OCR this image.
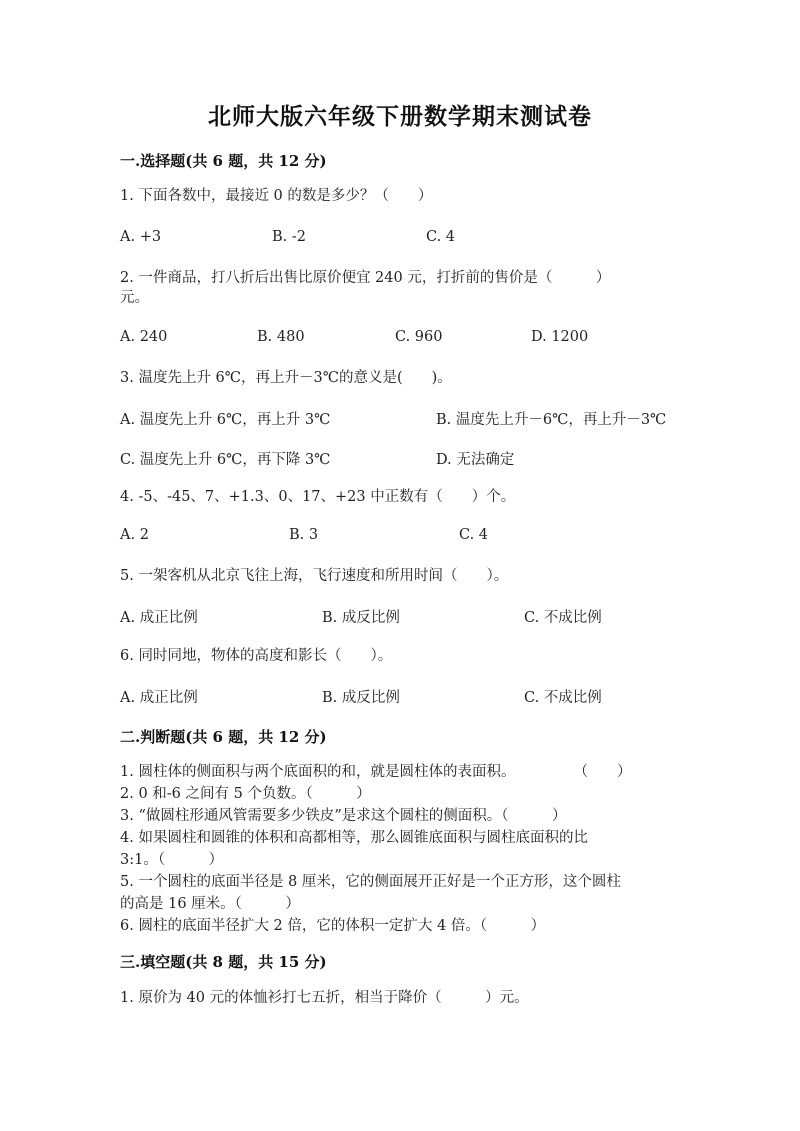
北师大版六年级下册数学期末测试卷
一.选择题(共 6 题，共 12 分)
1. 下面各数中，最接近 0 的数是多少？（　　）
A. +3	B. -2	C. 4
2. 一件商品，打八折后出售比原价便宜 240 元，打折前的售价是（　　　）
元。
A. 240	B. 480	C. 960	D. 1200
3. 温度先上升 6℃，再上升－3℃的意义是(　　)。
A. 温度先上升 6℃，再上升 3℃	B. 温度先上升－6℃，再上升－3℃
C. 温度先上升 6℃，再下降 3℃	D. 无法确定
4. -5、-45、7、+1.3、0、17、+23 中正数有（　　）个。
A. 2	B. 3	C. 4
5. 一架客机从北京飞往上海，飞行速度和所用时间（　　）。
A. 成正比例	B. 成反比例	C. 不成比例
6. 同时同地，物体的高度和影长（　　）。
A. 成正比例	B. 成反比例	C. 不成比例
二.判断题(共 6 题，共 12 分)
1. 圆柱体的侧面积与两个底面积的和，就是圆柱体的表面积。　　　　　（　　）
2. 0 和-6 之间有 5 个负数。（　　　）
3. “做圆柱形通风管需要多少铁皮”是求这个圆柱的侧面积。（　　　）
4. 如果圆柱和圆锥的体积和高都相等，那么圆锥底面积与圆柱底面积的比
3:1。（　　　）
5. 一个圆柱的底面半径是 8 厘米，它的侧面展开正好是一个正方形，这个圆柱
的高是 16 厘米。（　　　）
6. 圆柱的底面半径扩大 2 倍，它的体积一定扩大 4 倍。（　　　）
三.填空题(共 8 题，共 15 分)
1. 原价为 40 元的体恤衫打七五折，相当于降价（　　　）元。
